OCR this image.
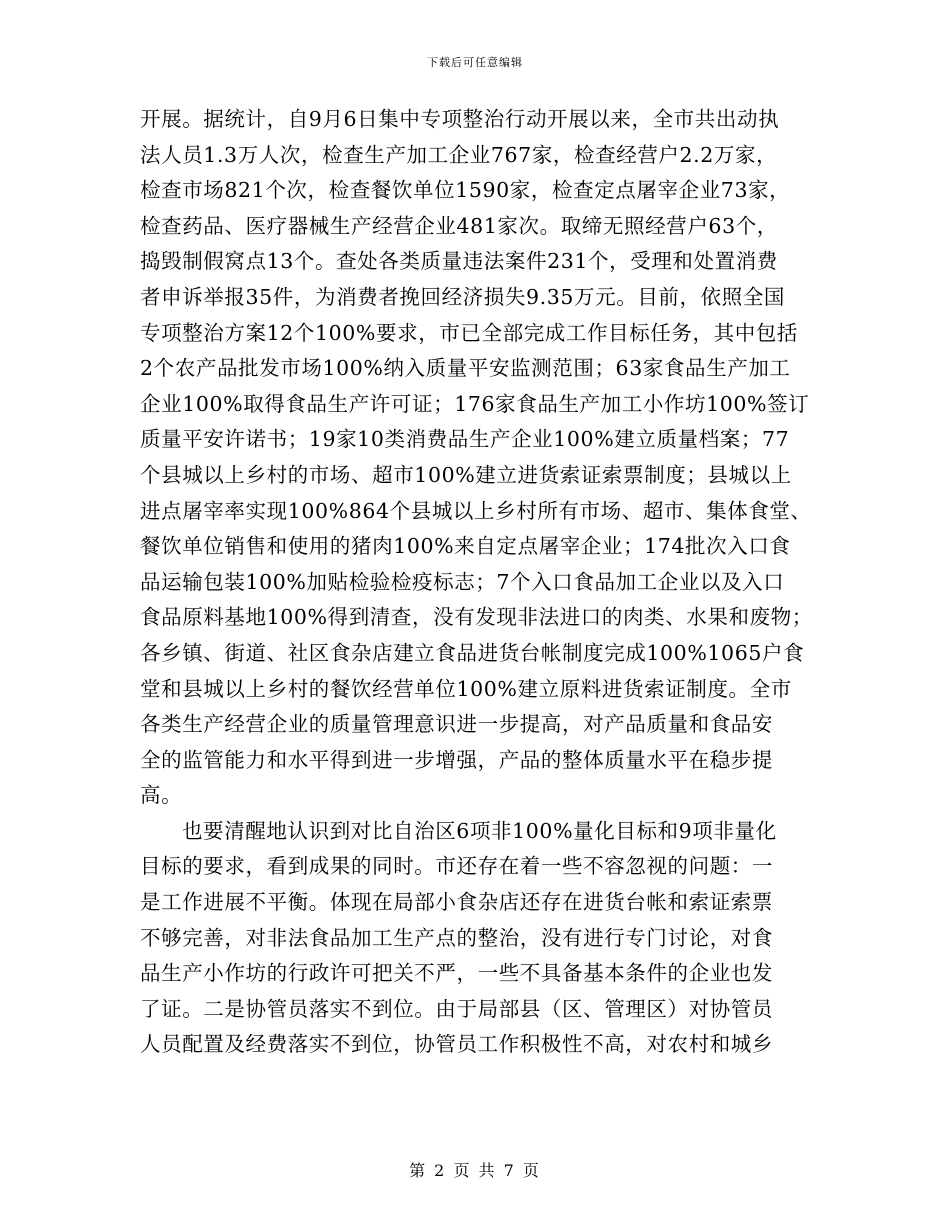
下载后可任意编辑
开展。据统计，自9月6日集中专项整治行动开展以来，全市共出动执
法人员1.3万人次，检查生产加工企业767家，检查经营户2.2万家，
检查市场821个次，检查餐饮单位1590家，检查定点屠宰企业73家，
检查药品、医疗器械生产经营企业481家次。取缔无照经营户63个，
捣毁制假窝点13个。查处各类质量违法案件231个，受理和处置消费
者申诉举报35件，为消费者挽回经济损失9.35万元。目前，依照全国
专项整治方案12个100%要求，市已全部完成工作目标任务，其中包括
2个农产品批发市场100%纳入质量平安监测范围；63家食品生产加工
企业100%取得食品生产许可证；176家食品生产加工小作坊100%签订
质量平安许诺书；19家10类消费品生产企业100%建立质量档案；77
个县城以上乡村的市场、超市100%建立进货索证索票制度；县城以上
进点屠宰率实现100%864个县城以上乡村所有市场、超市、集体食堂、
餐饮单位销售和使用的猪肉100%来自定点屠宰企业；174批次入口食
品运输包装100%加贴检验检疫标志；7个入口食品加工企业以及入口
食品原料基地100%得到清查，没有发现非法进口的肉类、水果和废物；
各乡镇、街道、社区食杂店建立食品进货台帐制度完成100%1065户食
堂和县城以上乡村的餐饮经营单位100%建立原料进货索证制度。全市
各类生产经营企业的质量管理意识进一步提高，对产品质量和食品安
全的监管能力和水平得到进一步增强，产品的整体质量水平在稳步提
高。
也要清醒地认识到对比自治区6项非100%量化目标和9项非量化
目标的要求，看到成果的同时。市还存在着一些不容忽视的问题：一
是工作进展不平衡。体现在局部小食杂店还存在进货台帐和索证索票
不够完善，对非法食品加工生产点的整治，没有进行专门讨论，对食
品生产小作坊的行政许可把关不严，一些不具备基本条件的企业也发
了证。二是协管员落实不到位。由于局部县（区、管理区）对协管员
人员配置及经费落实不到位，协管员工作积极性不高，对农村和城乡
第 2 页 共 7 页
